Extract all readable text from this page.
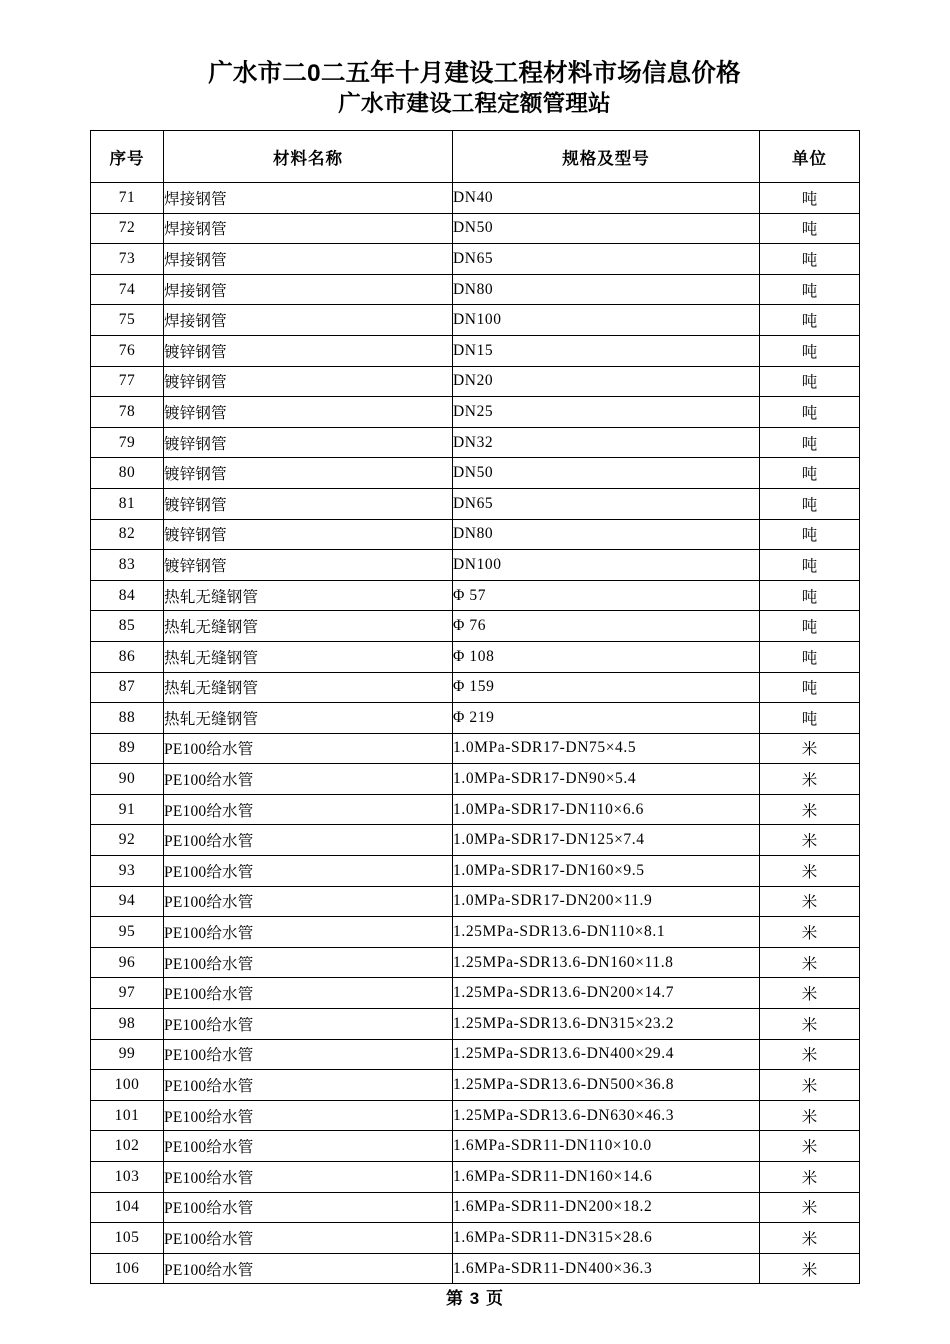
广水市二0二五年十月建设工程材料市场信息价格
广水市建设工程定额管理站
序号	材料名称	规格及型号	单位
71	焊接钢管	DN40	吨
72	焊接钢管	DN50	吨
73	焊接钢管	DN65	吨
74	焊接钢管	DN80	吨
75	焊接钢管	DN100	吨
76	镀锌钢管	DN15	吨
77	镀锌钢管	DN20	吨
78	镀锌钢管	DN25	吨
79	镀锌钢管	DN32	吨
80	镀锌钢管	DN50	吨
81	镀锌钢管	DN65	吨
82	镀锌钢管	DN80	吨
83	镀锌钢管	DN100	吨
84	热轧无缝钢管	Φ 57	吨
85	热轧无缝钢管	Φ 76	吨
86	热轧无缝钢管	Φ 108	吨
87	热轧无缝钢管	Φ 159	吨
88	热轧无缝钢管	Φ 219	吨
89	PE100给水管	1.0MPa-SDR17-DN75×4.5	米
90	PE100给水管	1.0MPa-SDR17-DN90×5.4	米
91	PE100给水管	1.0MPa-SDR17-DN110×6.6	米
92	PE100给水管	1.0MPa-SDR17-DN125×7.4	米
93	PE100给水管	1.0MPa-SDR17-DN160×9.5	米
94	PE100给水管	1.0MPa-SDR17-DN200×11.9	米
95	PE100给水管	1.25MPa-SDR13.6-DN110×8.1	米
96	PE100给水管	1.25MPa-SDR13.6-DN160×11.8	米
97	PE100给水管	1.25MPa-SDR13.6-DN200×14.7	米
98	PE100给水管	1.25MPa-SDR13.6-DN315×23.2	米
99	PE100给水管	1.25MPa-SDR13.6-DN400×29.4	米
100	PE100给水管	1.25MPa-SDR13.6-DN500×36.8	米
101	PE100给水管	1.25MPa-SDR13.6-DN630×46.3	米
102	PE100给水管	1.6MPa-SDR11-DN110×10.0	米
103	PE100给水管	1.6MPa-SDR11-DN160×14.6	米
104	PE100给水管	1.6MPa-SDR11-DN200×18.2	米
105	PE100给水管	1.6MPa-SDR11-DN315×28.6	米
106	PE100给水管	1.6MPa-SDR11-DN400×36.3	米
第 3 页
